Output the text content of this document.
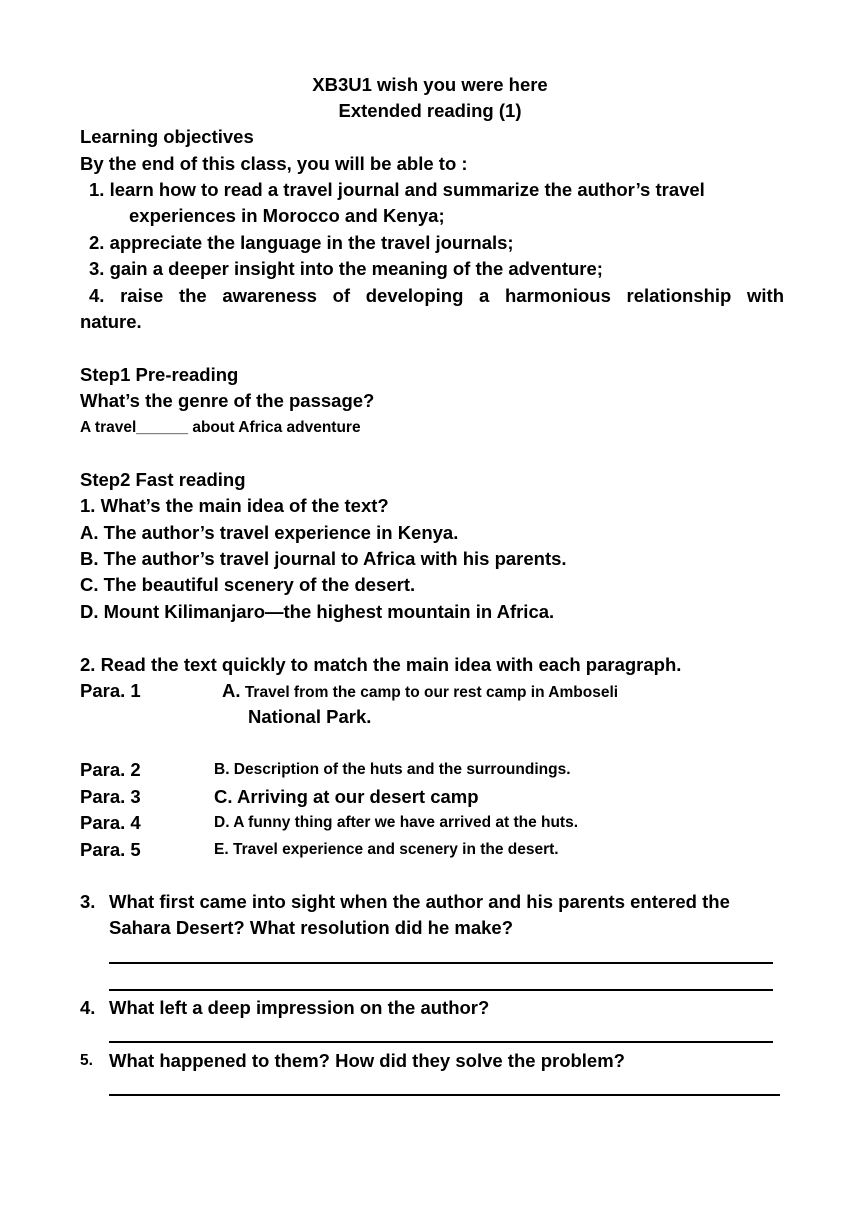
XB3U1 wish you were here
Extended reading (1)
Learning objectives
By the end of this class, you will be able to :
1. learn how to read a travel journal and summarize the author’s travel
experiences in Morocco and Kenya;
2. appreciate the language in the travel journals;
3. gain a deeper insight into the meaning of the adventure;
4. raise the awareness of developing a harmonious relationship with
nature.
Step1 Pre-reading
What’s the genre of the passage?
A travel______ about Africa adventure
Step2 Fast reading
1. What’s the main idea of the text?
A. The author’s travel experience in Kenya.
B. The author’s travel journal to Africa with his parents.
C. The beautiful scenery of the desert.
D. Mount Kilimanjaro—the highest mountain in Africa.
2. Read the text quickly to match the main idea with each paragraph.
Para. 1	A. Travel from the camp to our rest camp in Amboseli
National Park.
Para. 2	B. Description of the huts and the surroundings.
Para. 3	C. Arriving at our desert camp
Para. 4	D. A funny thing after we have arrived at the huts.
Para. 5	E. Travel experience and scenery in the desert.
3. What first came into sight when the author and his parents entered the
Sahara Desert? What resolution did he make?
4. What left a deep impression on the author?
5. What happened to them? How did they solve the problem?
